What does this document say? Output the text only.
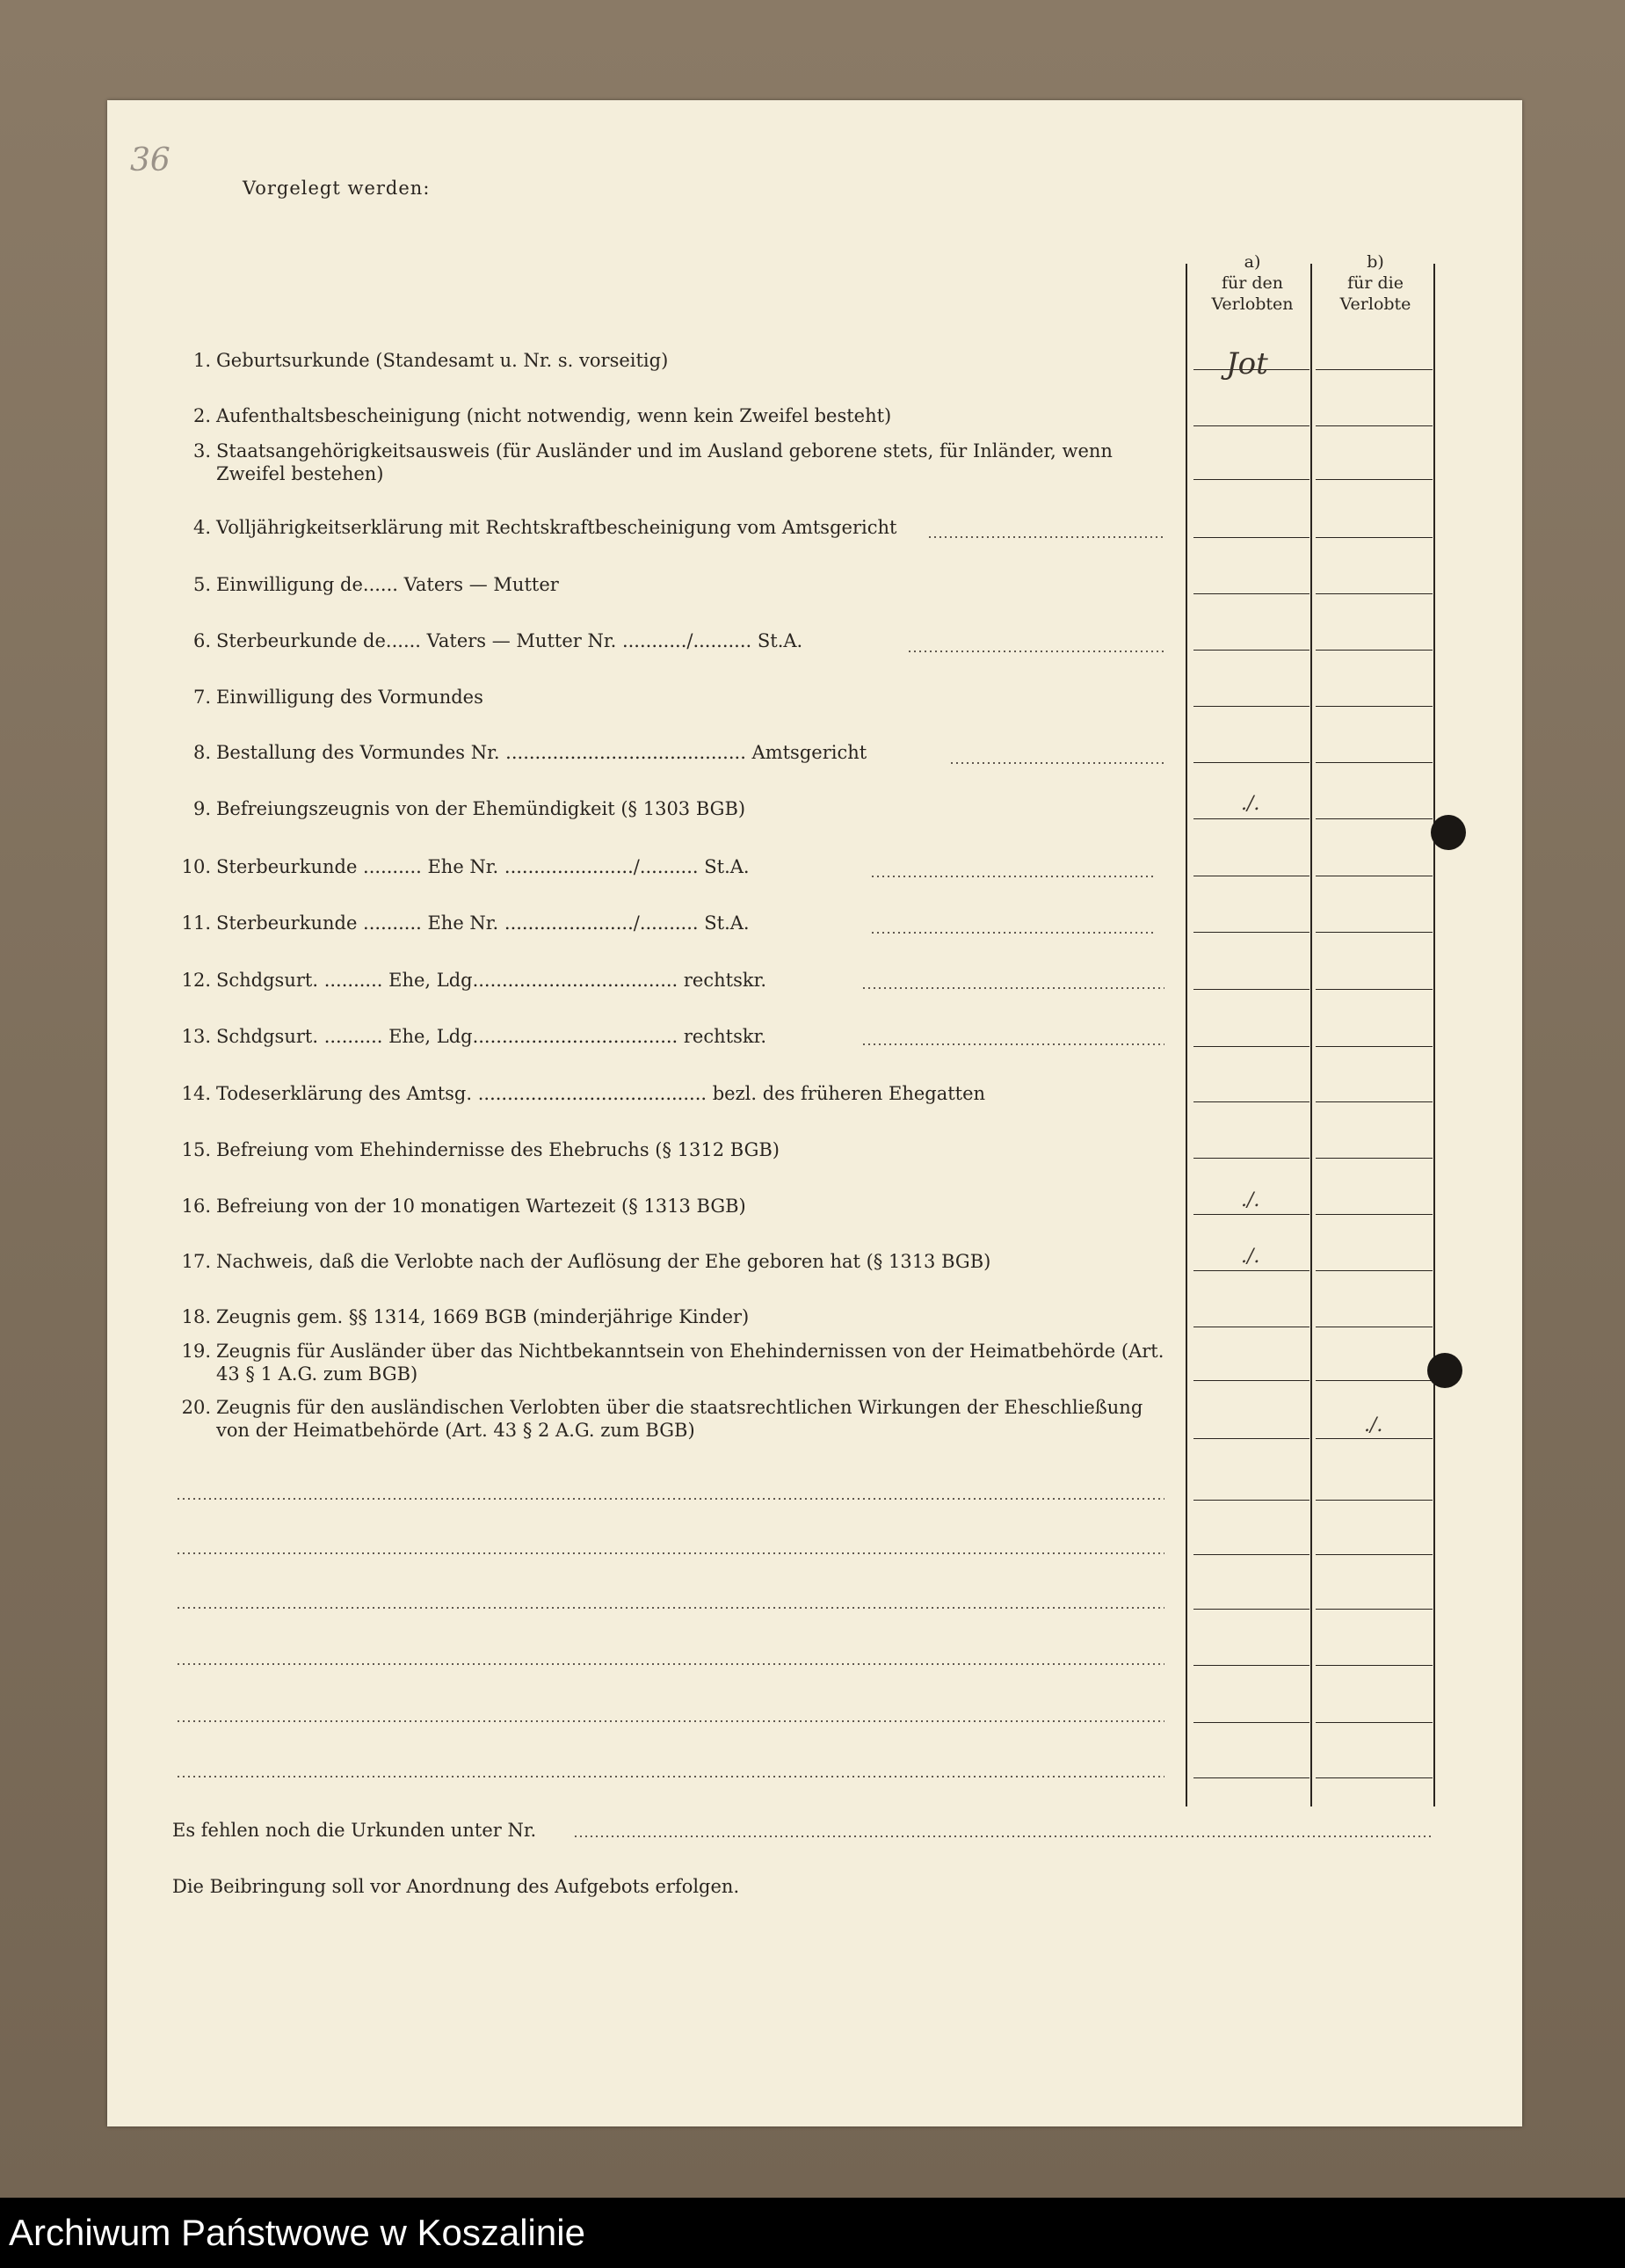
36
Vorgelegt werden:
a)
für den
Verlobten
b)
für die
Verlobte
1. Geburtsurkunde (Standesamt u. Nr. s. vorseitig)
2. Aufenthaltsbescheinigung (nicht notwendig, wenn kein Zweifel besteht)
3. Staatsangehörigkeitsausweis (für Ausländer und im Ausland geborene stets, für Inländer, wenn Zweifel bestehen)
4. Volljährigkeitserklärung mit Rechtskraftbescheinigung vom Amtsgericht
5. Einwilligung de...... Vaters — Mutter
6. Sterbeurkunde de...... Vaters — Mutter Nr. .........../.......... St.A.
7. Einwilligung des Vormundes
8. Bestallung des Vormundes Nr. ......................................... Amtsgericht
9. Befreiungszeugnis von der Ehemündigkeit (§ 1303 BGB)
10. Sterbeurkunde .......... Ehe Nr. ....................../.......... St.A.
11. Sterbeurkunde .......... Ehe Nr. ....................../.......... St.A.
12. Schdgsurt. .......... Ehe, Ldg................................... rechtskr.
13. Schdgsurt. .......... Ehe, Ldg................................... rechtskr.
14. Todeserklärung des Amtsg. ....................................... bezl. des früheren Ehegatten
15. Befreiung vom Ehehindernisse des Ehebruchs (§ 1312 BGB)
16. Befreiung von der 10 monatigen Wartezeit (§ 1313 BGB)
17. Nachweis, daß die Verlobte nach der Auflösung der Ehe geboren hat (§ 1313 BGB)
18. Zeugnis gem. §§ 1314, 1669 BGB (minderjährige Kinder)
19. Zeugnis für Ausländer über das Nichtbekanntsein von Ehehindernissen von der Heimatbehörde (Art. 43 § 1 A.G. zum BGB)
20. Zeugnis für den ausländischen Verlobten über die staatsrechtlichen Wirkungen der Eheschließung von der Heimatbehörde (Art. 43 § 2 A.G. zum BGB)
Jot
./.
./.
./.
./.
Es fehlen noch die Urkunden unter Nr.
Die Beibringung soll vor Anordnung des Aufgebots erfolgen.
Archiwum Państwowe w Koszalinie
